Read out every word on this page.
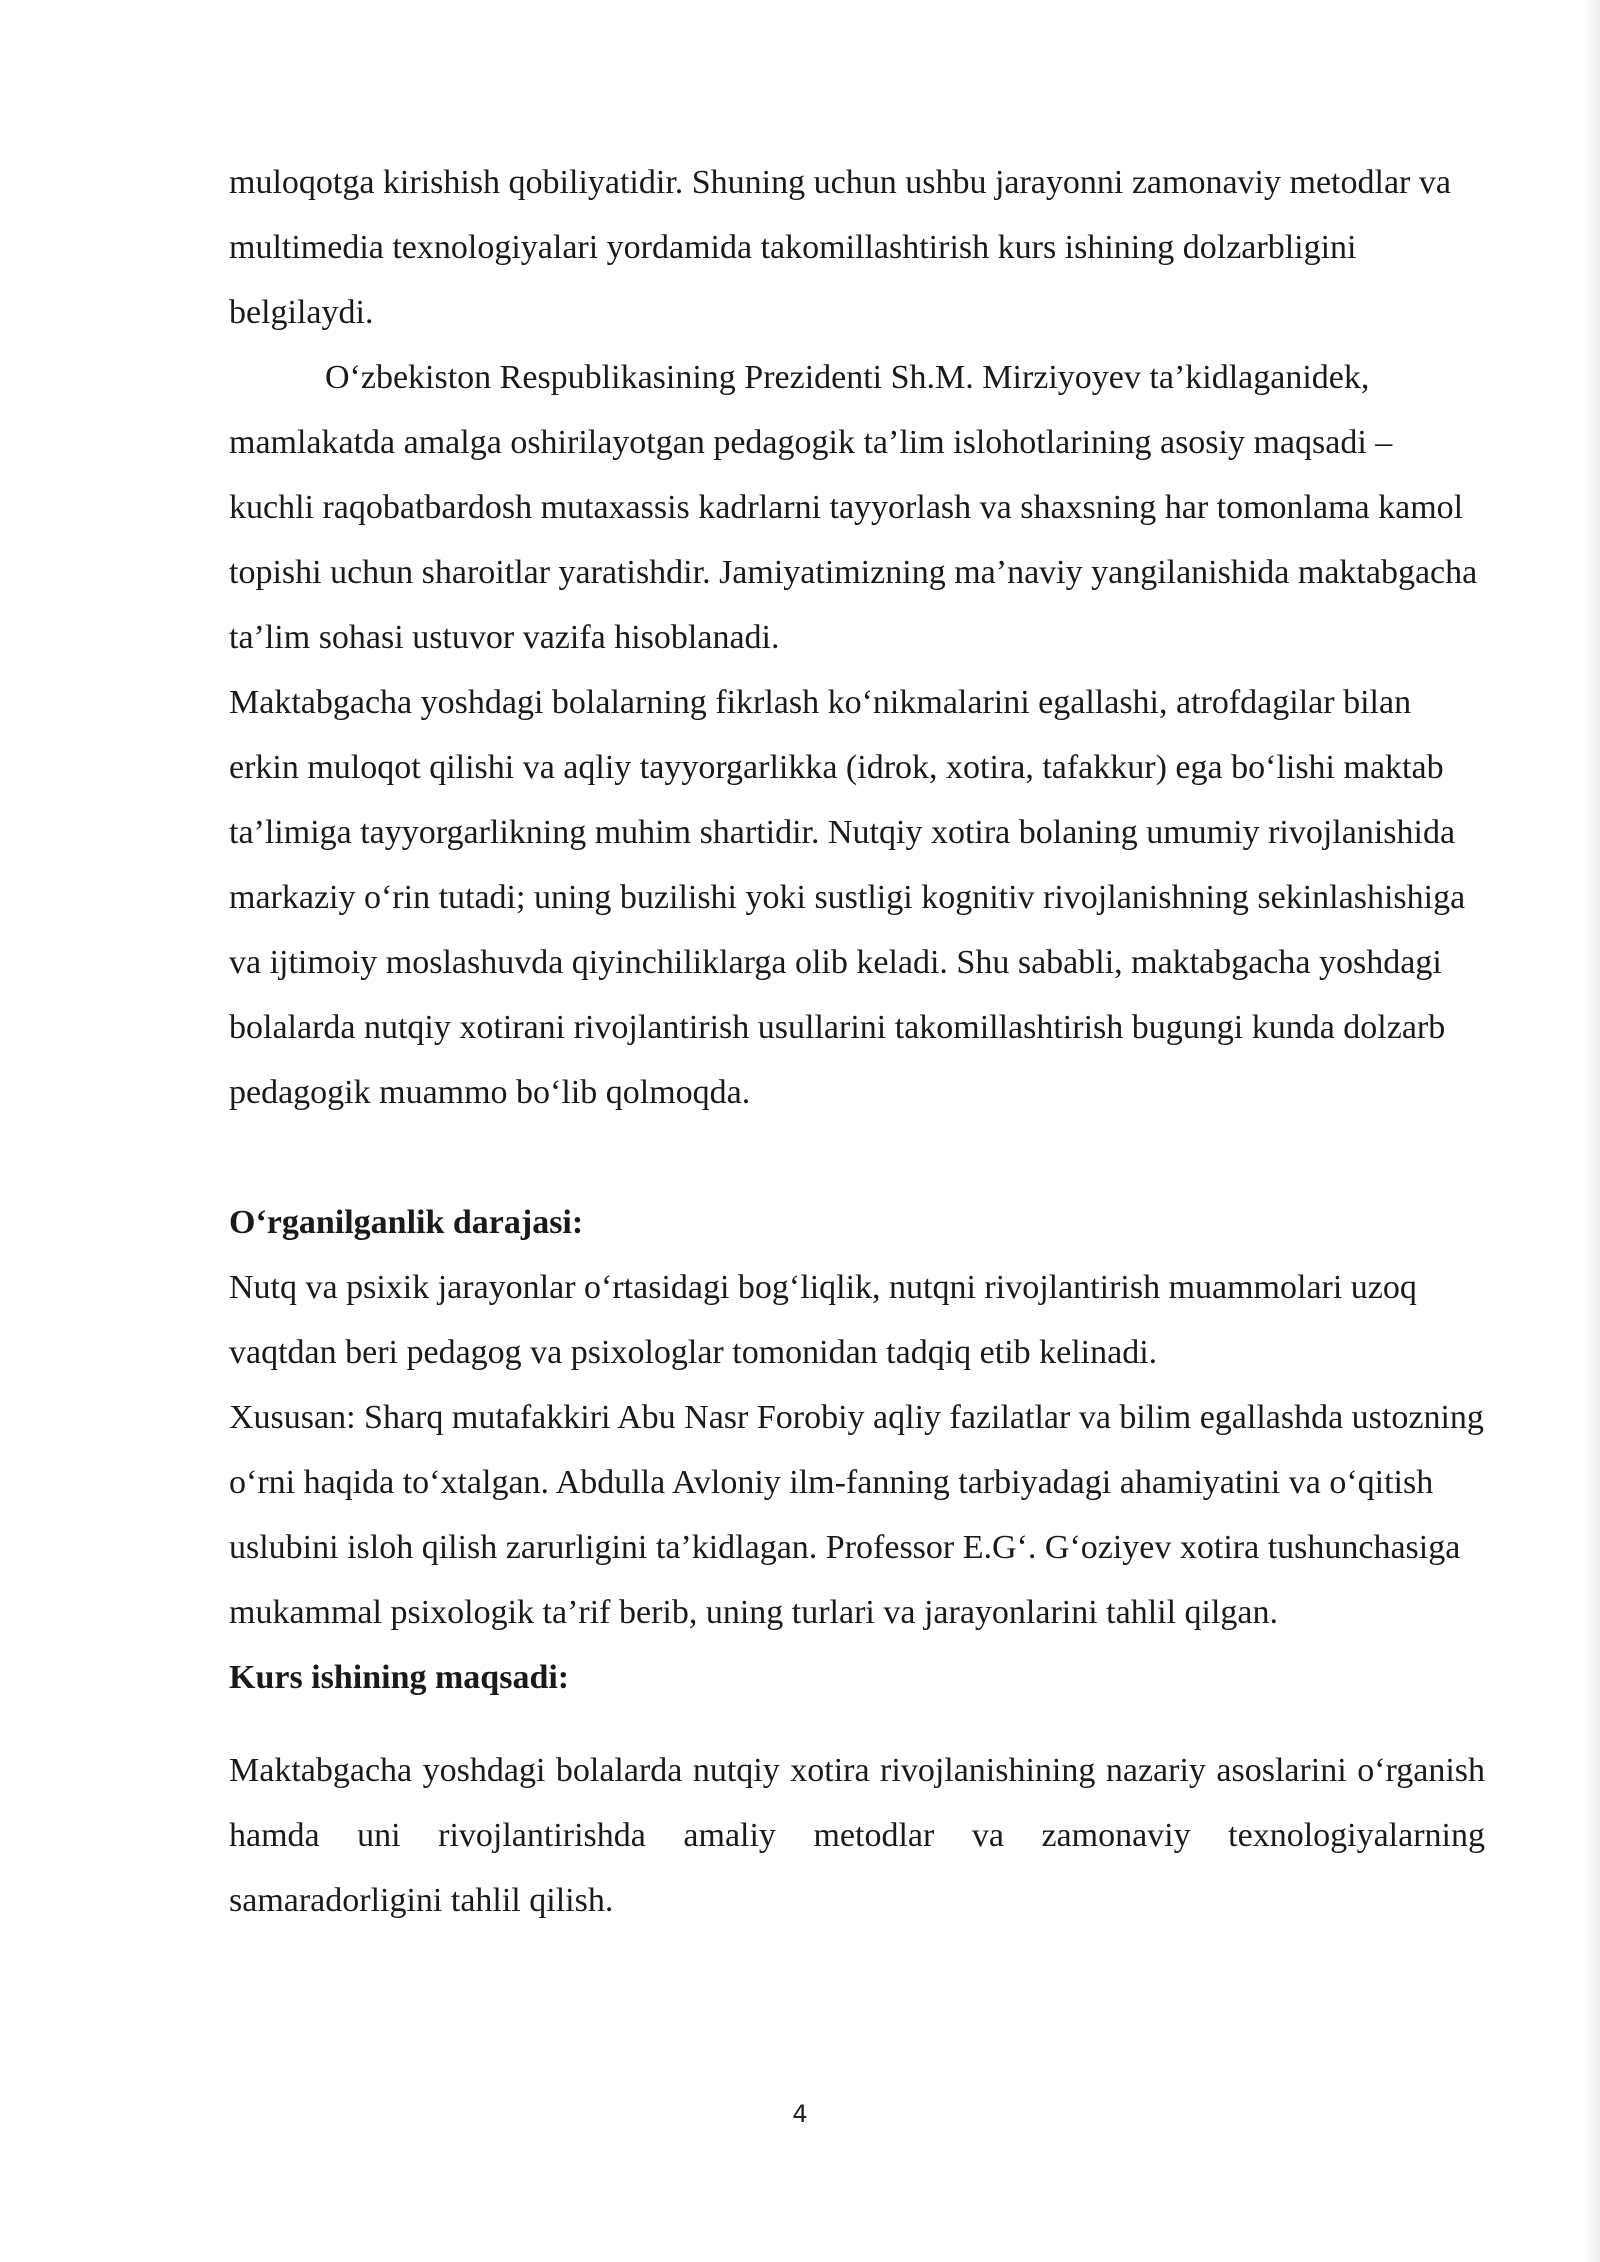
muloqotga kirishish qobiliyatidir. Shuning uchun ushbu jarayonni zamonaviy metodlar va multimedia texnologiyalari yordamida takomillashtirish kurs ishining dolzarbligini belgilaydi.

O‘zbekiston Respublikasining Prezidenti Sh.M. Mirziyoyev ta’kidlaganidek, mamlakatda amalga oshirilayotgan pedagogik ta’lim islohotlarining asosiy maqsadi – kuchli raqobatbardosh mutaxassis kadrlarni tayyorlash va shaxsning har tomonlama kamol topishi uchun sharoitlar yaratishdir. Jamiyatimizning ma’naviy yangilanishida maktabgacha ta’lim sohasi ustuvor vazifa hisoblanadi.

Maktabgacha yoshdagi bolalarning fikrlash ko‘nikmalarini egallashi, atrofdagilar bilan erkin muloqot qilishi va aqliy tayyorgarlikka (idrok, xotira, tafakkur) ega bo‘lishi maktab ta’limiga tayyorgarlikning muhim shartidir. Nutqiy xotira bolaning umumiy rivojlanishida markaziy o‘rin tutadi; uning buzilishi yoki sustligi kognitiv rivojlanishning sekinlashishiga va ijtimoiy moslashuvda qiyinchiliklarga olib keladi. Shu sababli, maktabgacha yoshdagi bolalarda nutqiy xotirani rivojlantirish usullarini takomillashtirish bugungi kunda dolzarb pedagogik muammo bo‘lib qolmoqda.

O‘rganilganlik darajasi:

Nutq va psixik jarayonlar o‘rtasidagi bog‘liqlik, nutqni rivojlantirish muammolari uzoq vaqtdan beri pedagog va psixologlar tomonidan tadqiq etib kelinadi.

Xususan: Sharq mutafakkiri Abu Nasr Forobiy aqliy fazilatlar va bilim egallashda ustozning o‘rni haqida to‘xtalgan. Abdulla Avloniy ilm-fanning tarbiyadagi ahamiyatini va o‘qitish uslubini isloh qilish zarurligini ta’kidlagan. Professor E.G‘. G‘oziyev xotira tushunchasiga mukammal psixologik ta’rif berib, uning turlari va jarayonlarini tahlil qilgan.

Kurs ishining maqsadi:

Maktabgacha yoshdagi bolalarda nutqiy xotira rivojlanishining nazariy asoslarini o‘rganish hamda uni rivojlantirishda amaliy metodlar va zamonaviy texnologiyalarning samaradorligini tahlil qilish.

4
